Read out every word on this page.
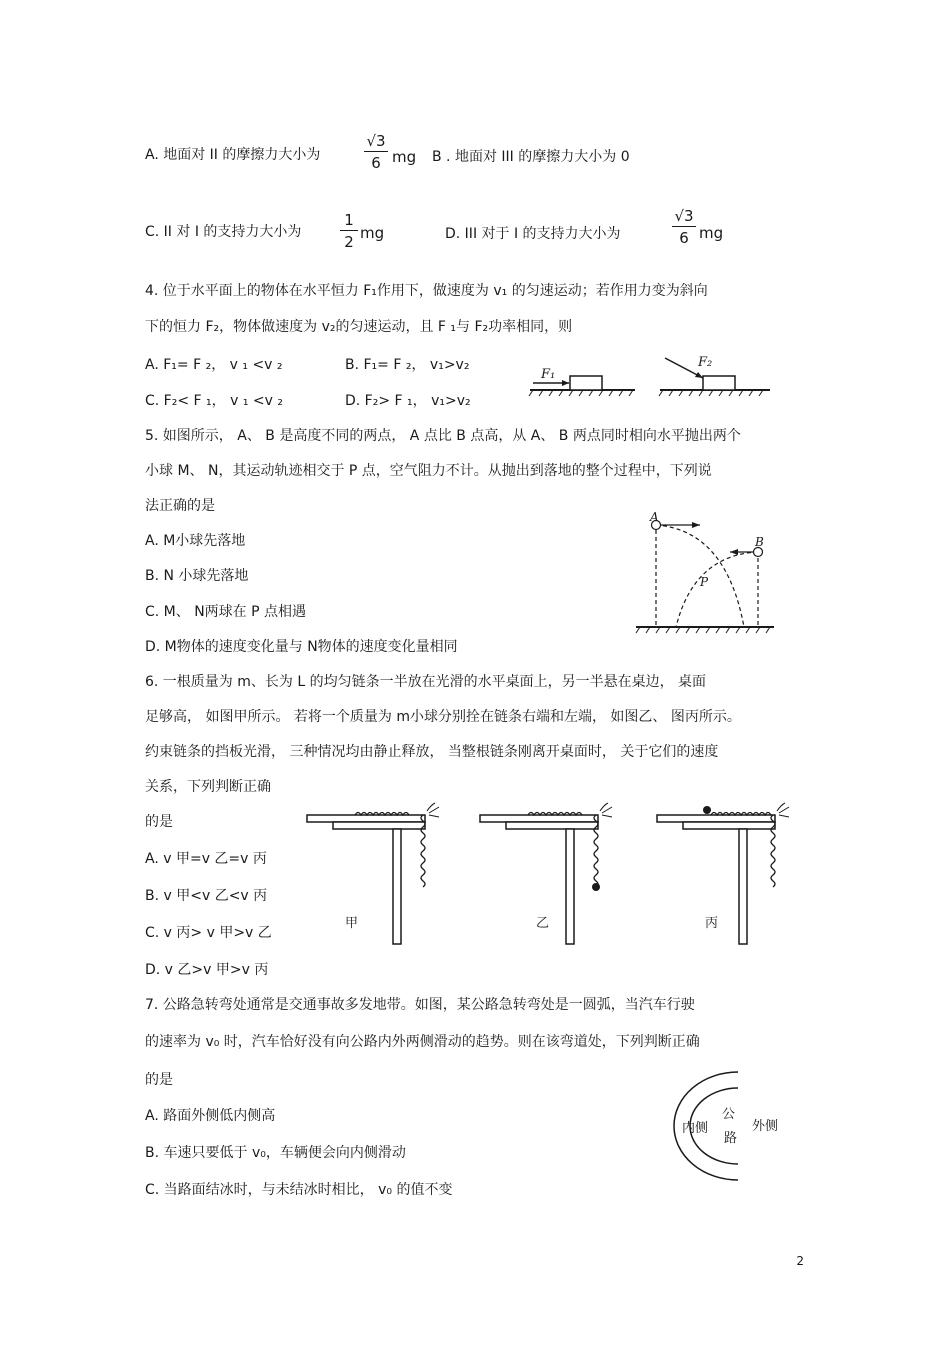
A. 地面对 II 的摩擦力大小为	$\frac{√3}{6}$ mg B . 地面对 III 的摩擦力大小为 0
C. II 对 I 的支持力大小为	$\frac{1}{2}$ mg	D. III 对于 I 的支持力大小为	$\frac{√3}{6}$ mg
4. 位于水平面上的物体在水平恒力 F₁作用下，做速度为 v₁ 的匀速运动；若作用力变为斜向
下的恒力 F₂，物体做速度为 v₂的匀速运动，且 F ₁与 F₂功率相同，则
A. F₁= F ₂， v ₁ <v ₂	B. F₁= F ₂， v₁>v₂
C. F₂< F ₁， v ₁ <v ₂	D. F₂> F ₁， v₁>v₂
F₁
F₂
5. 如图所示， A、 B 是高度不同的两点， A 点比 B 点高，从 A、 B 两点同时相向水平抛出两个
小球 M、 N，其运动轨迹相交于 P 点，空气阻力不计。从抛出到落地的整个过程中，下列说
法正确的是
A. M小球先落地
B. N 小球先落地
C. M、 N两球在 P 点相遇
D. M物体的速度变化量与 N物体的速度变化量相同
A
B
P
6. 一根质量为 m、长为 L 的均匀链条一半放在光滑的水平桌面上，另一半悬在桌边， 桌面
足够高， 如图甲所示。 若将一个质量为 m小球分别拴在链条右端和左端， 如图乙、 图丙所示。
约束链条的挡板光滑， 三种情况均由静止释放， 当整根链条刚离开桌面时， 关于它们的速度
关系，下列判断正确
的是
A. v 甲=v 乙=v 丙
B. v 甲<v 乙<v 丙
C. v 丙> v 甲>v 乙
D. v 乙>v 甲>v 丙
甲	乙	丙
7. 公路急转弯处通常是交通事故多发地带。如图，某公路急转弯处是一圆弧，当汽车行驶
的速率为 v₀ 时，汽车恰好没有向公路内外两侧滑动的趋势。则在该弯道处，下列判断正确
的是
A. 路面外侧低内侧高
B. 车速只要低于 v₀，车辆便会向内侧滑动
C. 当路面结冰时，与未结冰时相比， v₀ 的值不变
内侧
公
路
外侧
2
